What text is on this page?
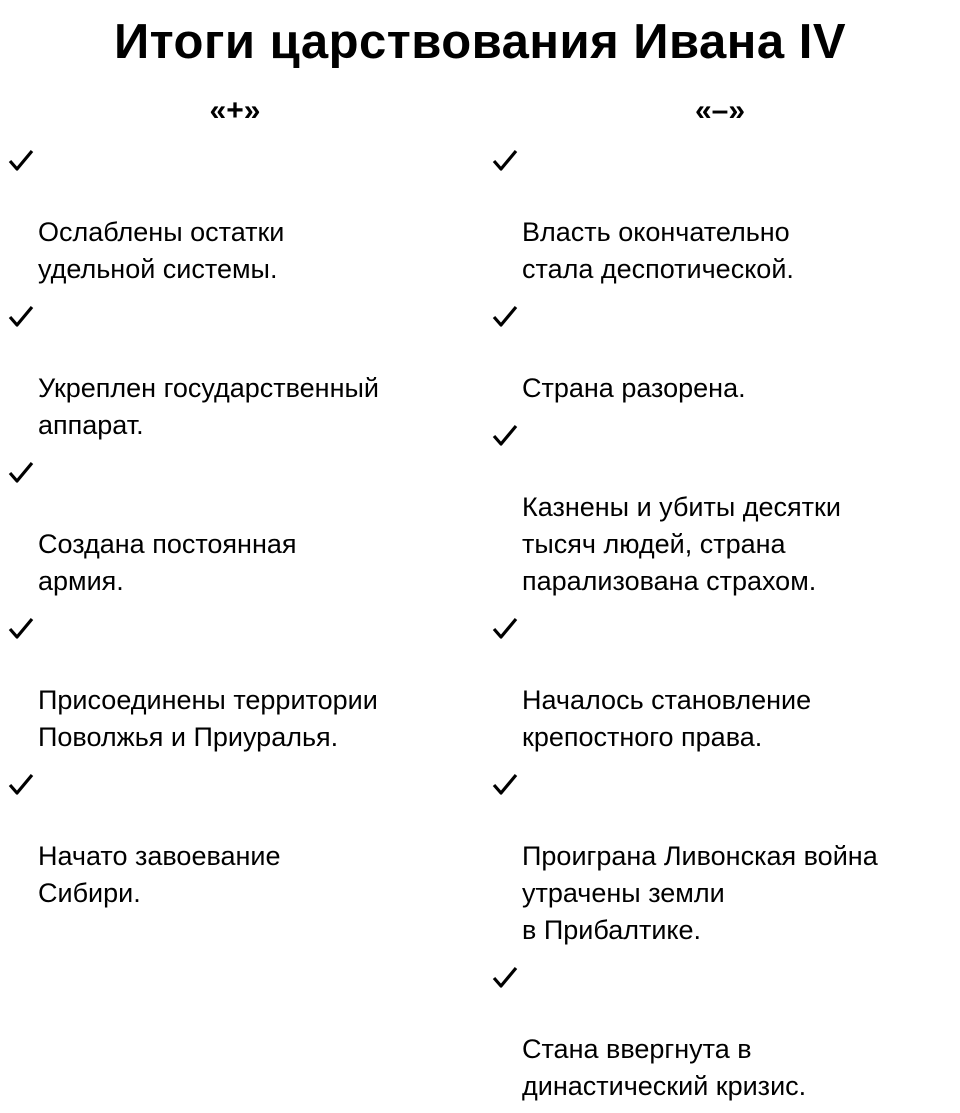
Итоги царствования Ивана IV
«+»	«–»

Ослаблены остатки
удельной системы.

Укреплен государственный
аппарат.

Создана постоянная
армия.

Присоединены территории
Поволжья и Приуралья.

Начато завоевание
Сибири.

Власть окончательно
стала деспотической.

Страна разорена.

Казнены и убиты десятки
тысяч людей, страна
парализована страхом.

Началось становление
крепостного права.

Проиграна Ливонская война
утрачены земли
в Прибалтике.

Стана ввергнута в
династический кризис.
